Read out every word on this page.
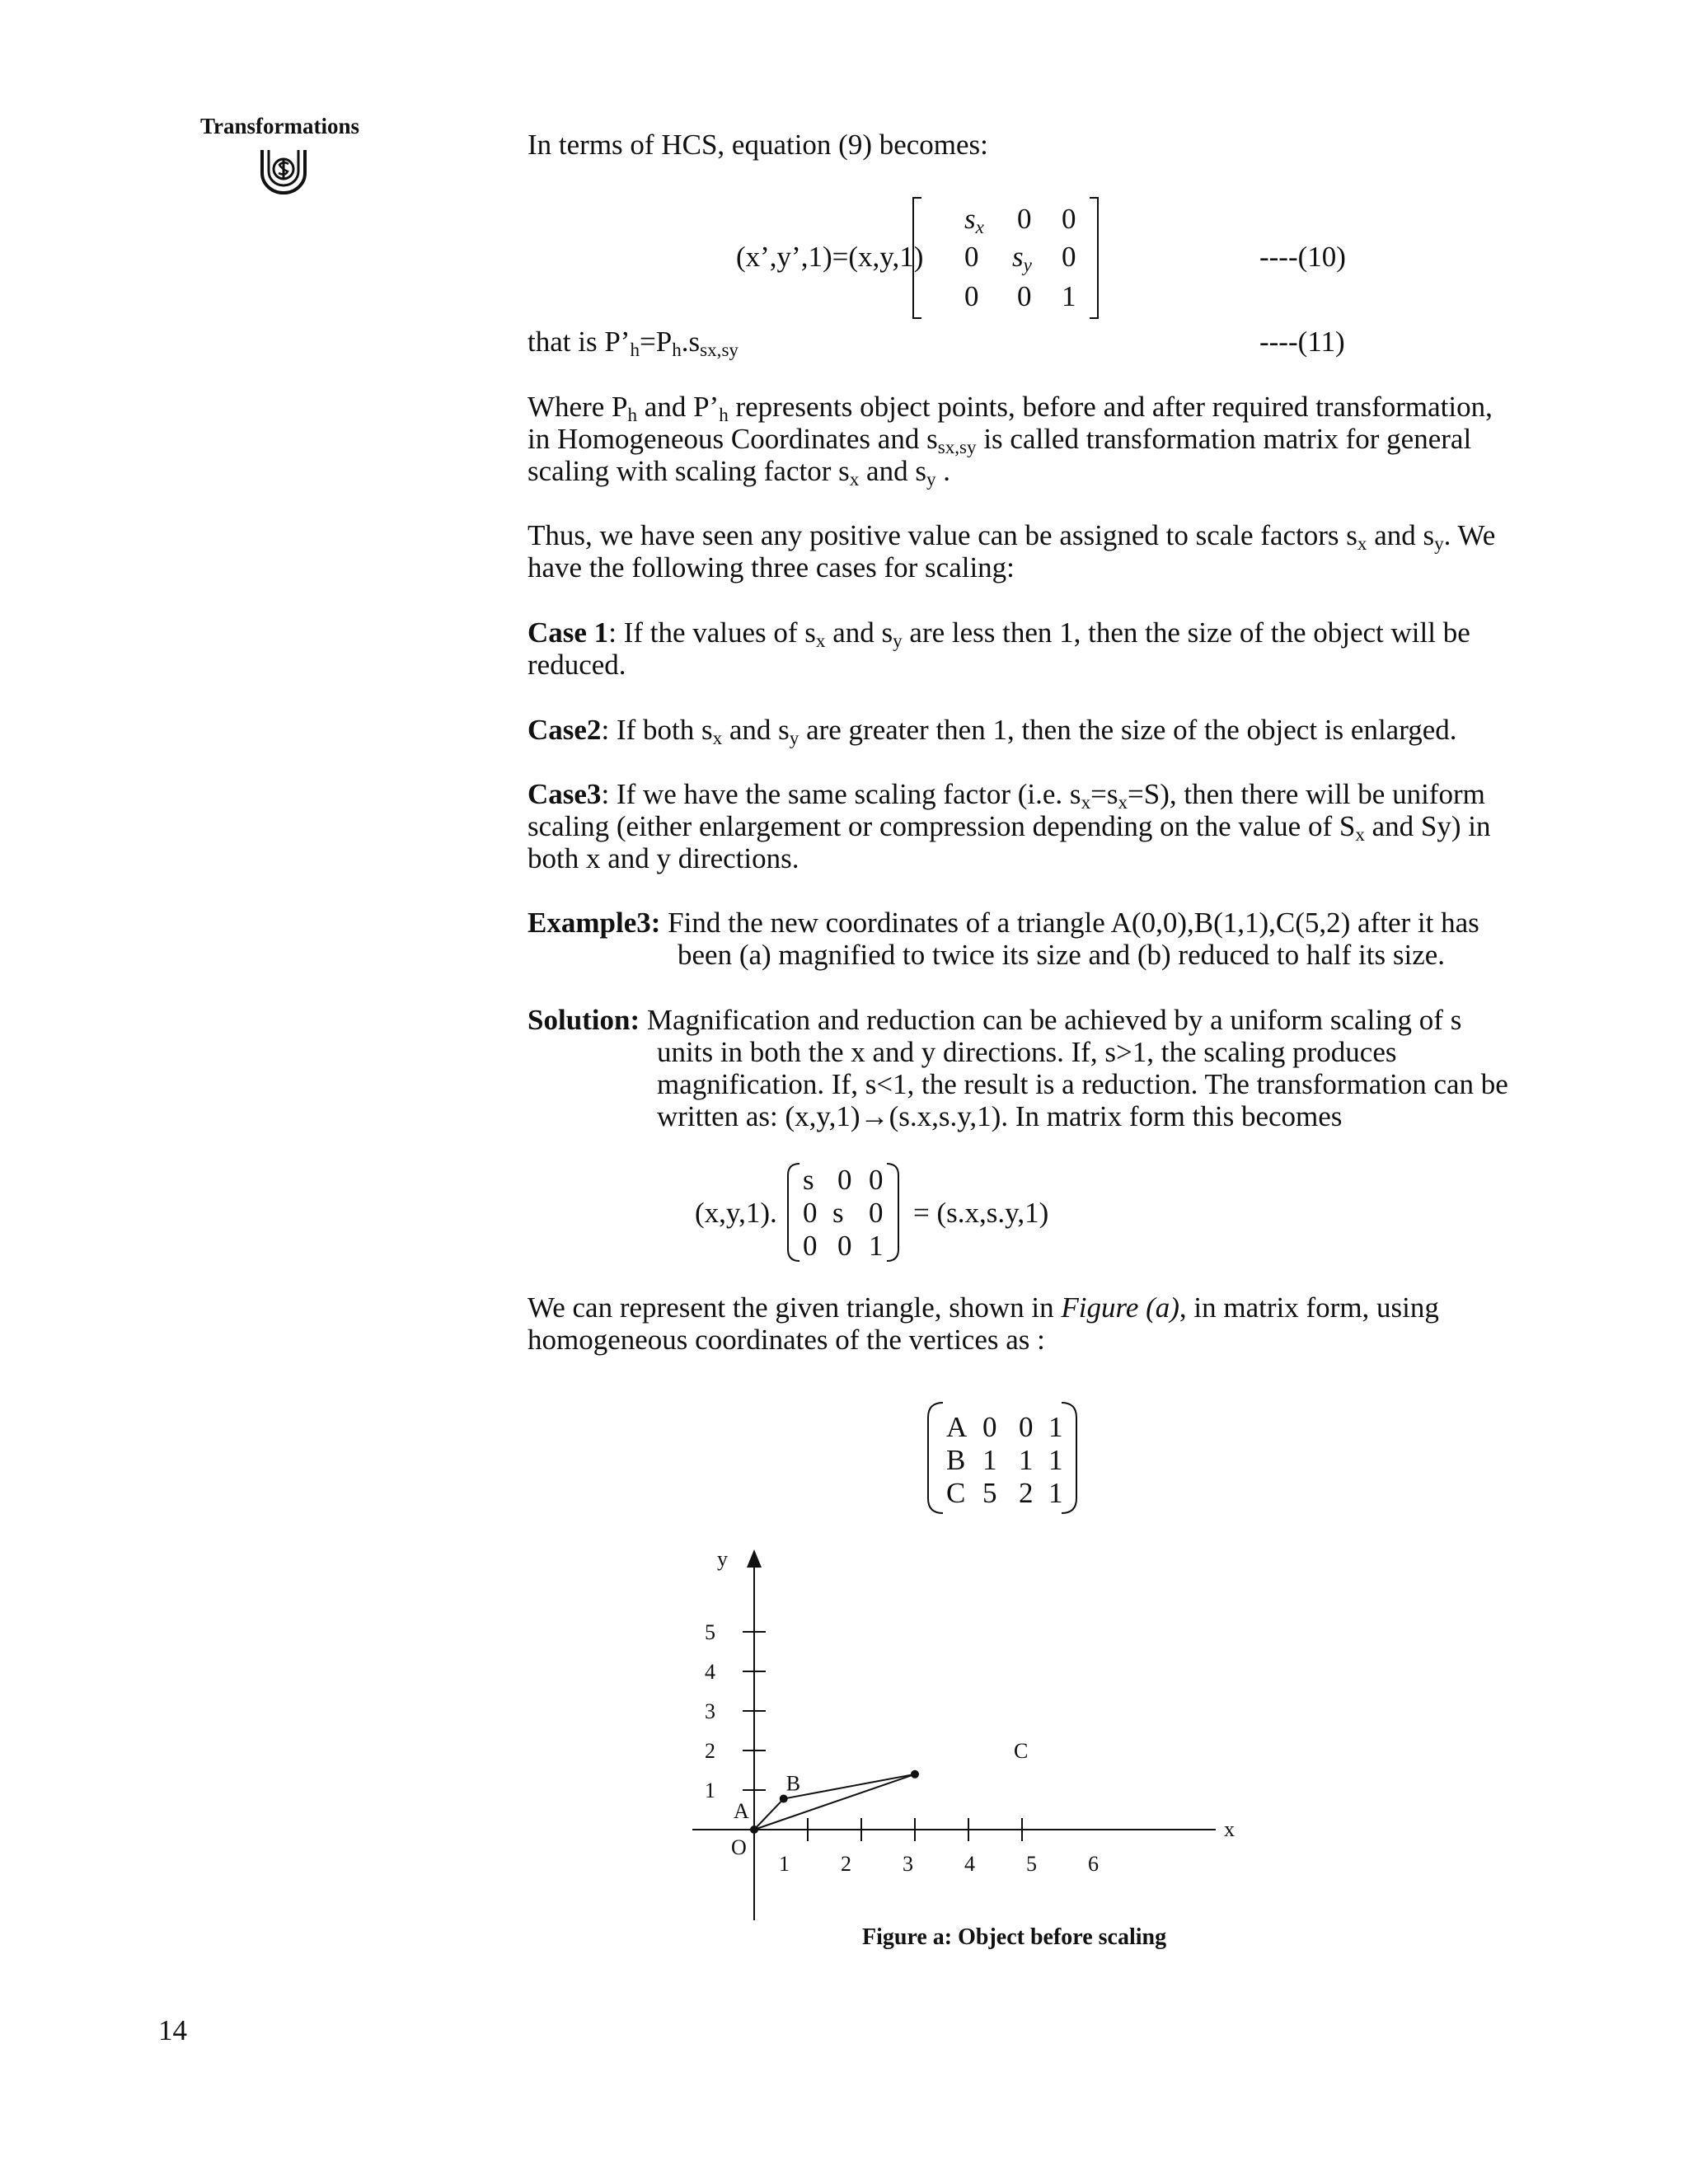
Transformations
In terms of HCS, equation (9) becomes:
(x’,y’,1)=(x,y,1)
$s_x$ 0 0
0 $s_y$ 0
0 0 1
----(10)
that is $P’_h=P_h.s_{sx,sy}$	----(11)
Where $P_h$ and $P’_h$ represents object points, before and after required transformation,
in Homogeneous Coordinates and $s_{sx,sy}$ is called transformation matrix for general
scaling with scaling factor $s_x$ and $s_y$ .
Thus, we have seen any positive value can be assigned to scale factors $s_x$ and $s_y$. We
have the following three cases for scaling:
Case 1: If the values of $s_x$ and $s_y$ are less then 1, then the size of the object will be
reduced.
Case2: If both $s_x$ and $s_y$ are greater then 1, then the size of the object is enlarged.
Case3: If we have the same scaling factor (i.e. $s_x=s_x=S$), then there will be uniform
scaling (either enlargement or compression depending on the value of $S_x$ and Sy) in
both x and y directions.
Example3: Find the new coordinates of a triangle A(0,0),B(1,1),C(5,2) after it has
been (a) magnified to twice its size and (b) reduced to half its size.
Solution: Magnification and reduction can be achieved by a uniform scaling of s
units in both the x and y directions. If, s>1, the scaling produces
magnification. If, s<1, the result is a reduction. The transformation can be
written as: (x,y,1)→(s.x,s.y,1). In matrix form this becomes
(x,y,1).
s 0 0
0 s 0
0 0 1
= (s.x,s.y,1)
We can represent the given triangle, shown in Figure (a), in matrix form, using
homogeneous coordinates of the vertices as :
A 0 0 1
B 1 1 1
C 5 2 1
x
y
O
1 2 3 4 5 6
1
2
3
4
5
A
B
C
Figure a: Object before scaling
14
